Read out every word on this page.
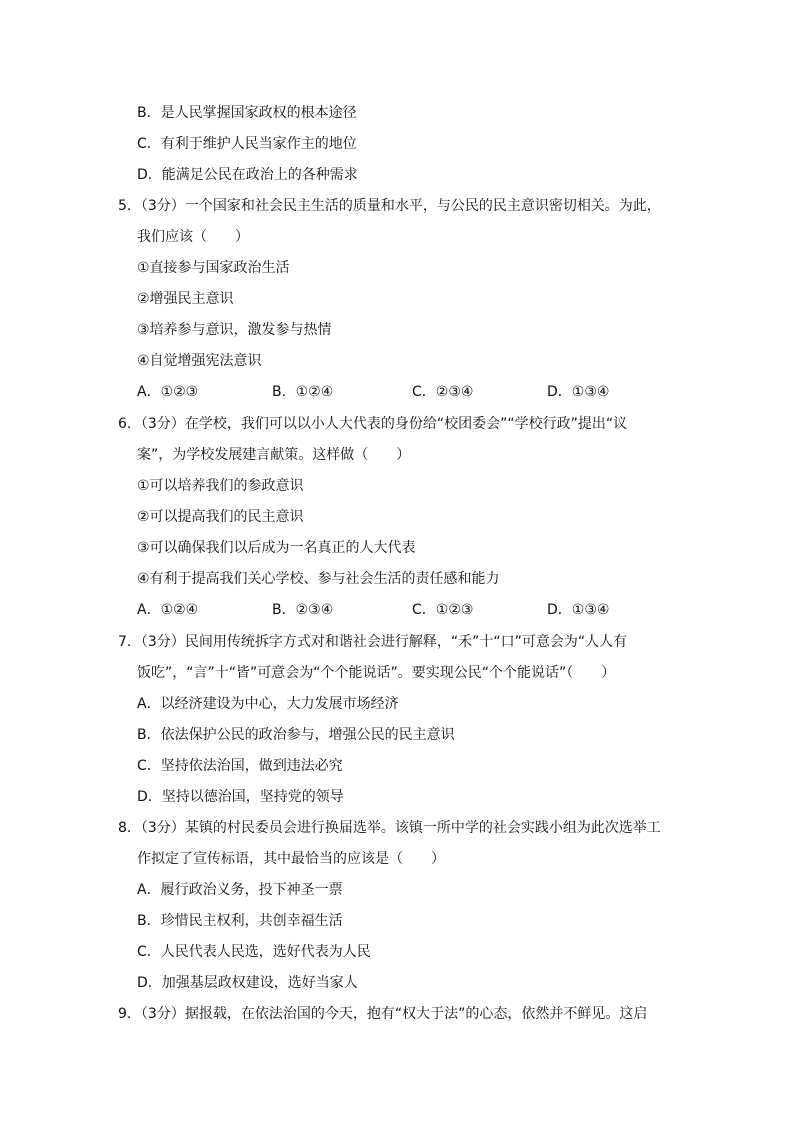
B．是人民掌握国家政权的根本途径
C．有利于维护人民当家作主的地位
D．能满足公民在政治上的各种需求
5．（3分）一个国家和社会民主生活的质量和水平，与公民的民主意识密切相关。为此，
我们应该（　　）
①直接参与国家政治生活
②增强民主意识
③培养参与意识，激发参与热情
④自觉增强宪法意识
A．①②③	B．①②④	C．②③④	D．①③④
6．（3分）在学校，我们可以以小人大代表的身份给“校团委会”“学校行政”提出“议
案”，为学校发展建言献策。这样做（　　）
①可以培养我们的参政意识
②可以提高我们的民主意识
③可以确保我们以后成为一名真正的人大代表
④有利于提高我们关心学校、参与社会生活的责任感和能力
A．①②④	B．②③④	C．①②③	D．①③④
7．（3分）民间用传统拆字方式对和谐社会进行解释，“禾”十“口”可意会为“人人有
饭吃”，“言”十“皆”可意会为“个个能说话”。要实现公民“个个能说话”（　　）
A．以经济建设为中心，大力发展市场经济
B．依法保护公民的政治参与，增强公民的民主意识
C．坚持依法治国，做到违法必究
D．坚持以德治国，坚持党的领导
8．（3分）某镇的村民委员会进行换届选举。该镇一所中学的社会实践小组为此次选举工
作拟定了宣传标语，其中最恰当的应该是（　　）
A．履行政治义务，投下神圣一票
B．珍惜民主权利，共创幸福生活
C．人民代表人民选，选好代表为人民
D．加强基层政权建设，选好当家人
9．（3分）据报载，在依法治国的今天，抱有“权大于法”的心态，依然并不鲜见。这启
